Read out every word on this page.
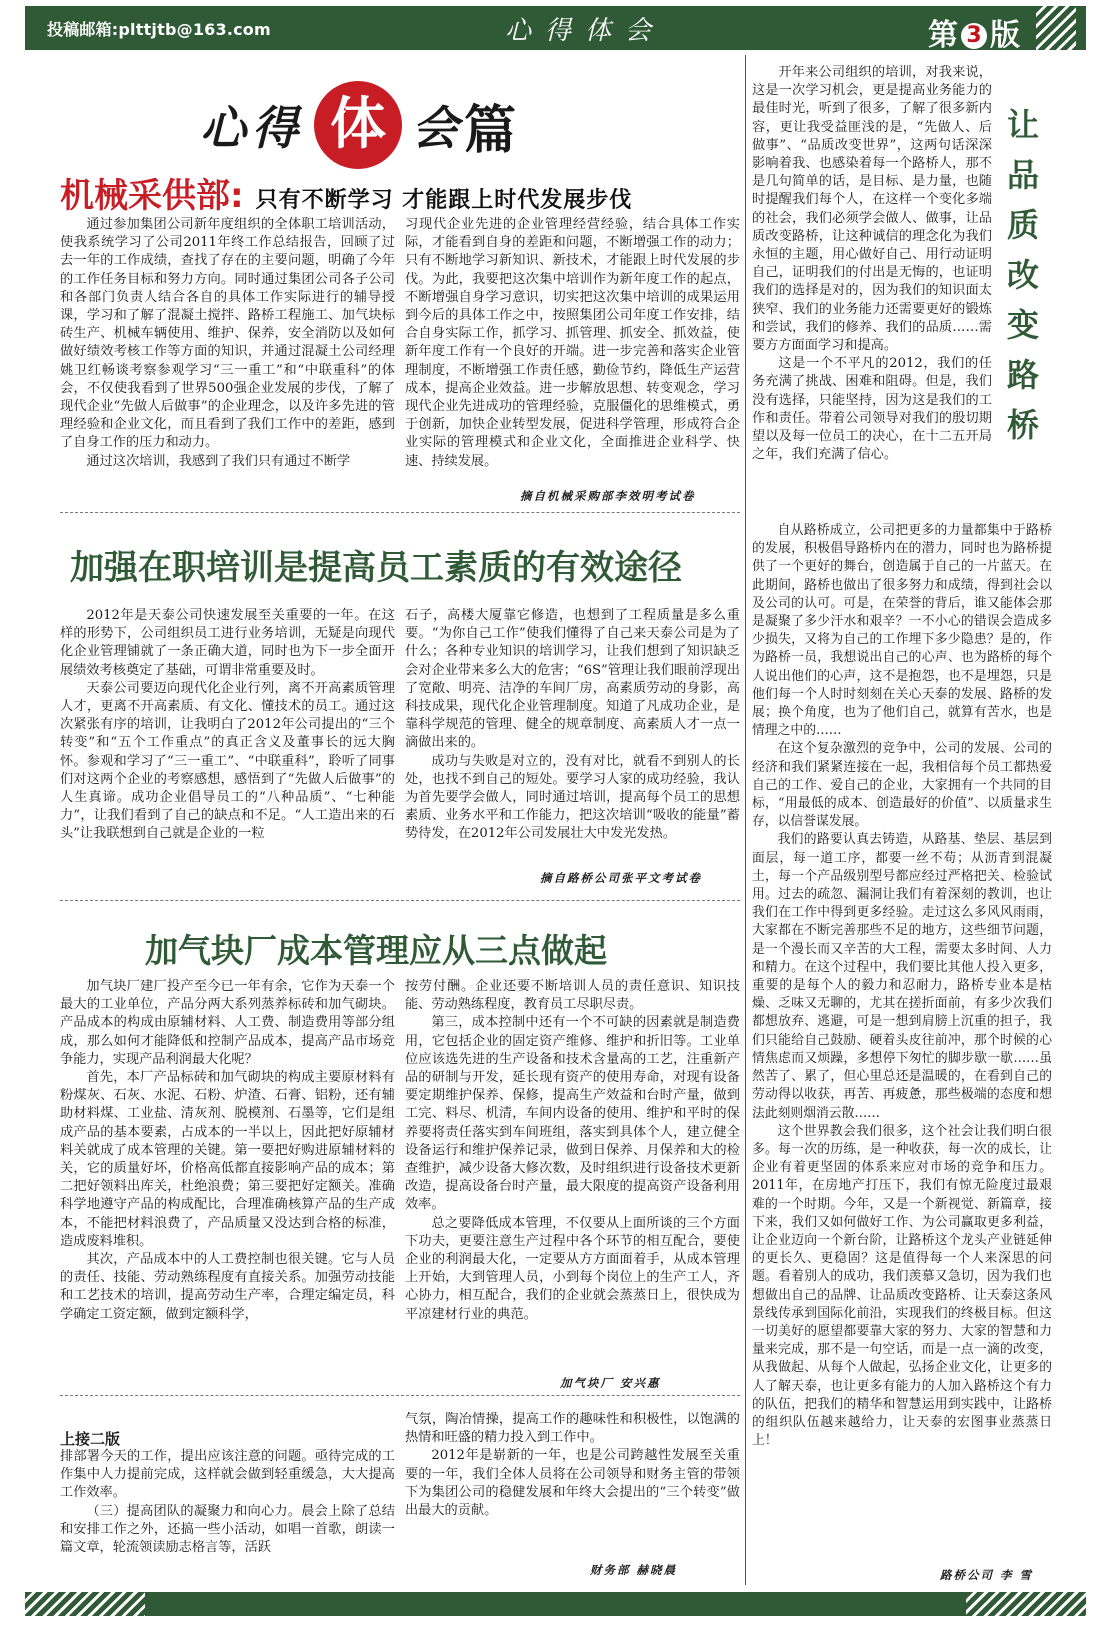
投稿邮箱:plttjtb@163.com	心得体会	第 3 版
心 得 体 会 篇
机械采供部: 只有不断学习 才能跟上时代发展步伐

通过参加集团公司新年度组织的全体职工培训活动，使我系统学习了公司2011年终工作总结报告，回顾了过去一年的工作成绩，查找了存在的主要问题，明确了今年的工作任务目标和努力方向。同时通过集团公司各子公司和各部门负责人结合各自的具体工作实际进行的辅导授课，学习和了解了混凝土搅拌、路桥工程施工、加气块标砖生产、机械车辆使用、维护、保养，安全消防以及如何做好绩效考核工作等方面的知识，并通过混凝土公司经理姚卫红畅谈考察参观学习“三一重工”和“中联重科”的体会，不仅使我看到了世界500强企业发展的步伐，了解了现代企业“先做人后做事”的企业理念，以及许多先进的管理经验和企业文化，而且看到了我们工作中的差距，感到了自身工作的压力和动力。

通过这次培训，我感到了我们只有通过不断学

习现代企业先进的企业管理经营经验，结合具体工作实际，才能看到自身的差距和问题，不断增强工作的动力；只有不断地学习新知识、新技术，才能跟上时代发展的步伐。为此，我要把这次集中培训作为新年度工作的起点，不断增强自身学习意识，切实把这次集中培训的成果运用到今后的具体工作之中，按照集团公司年度工作安排，结合自身实际工作，抓学习、抓管理、抓安全、抓效益，使新年度工作有一个良好的开端。进一步完善和落实企业管理制度，不断增强工作责任感，勤俭节约，降低生产运营成本，提高企业效益。进一步解放思想、转变观念，学习现代企业先进成功的管理经验，克服僵化的思维模式，勇于创新，加快企业转型发展，促进科学管理，形成符合企业实际的管理模式和企业文化，全面推进企业科学、快速、持续发展。

摘自机械采购部李效明考试卷
加强在职培训是提高员工素质的有效途径

2012年是天泰公司快速发展至关重要的一年。在这样的形势下，公司组织员工进行业务培训，无疑是向现代化企业管理铺就了一条正确大道，同时也为下一步全面开展绩效考核奠定了基础，可谓非常重要及时。

天泰公司要迈向现代化企业行列，离不开高素质管理人才，更离不开高素质、有文化、懂技术的员工。通过这次紧张有序的培训，让我明白了2012年公司提出的“三个转变”和“五个工作重点”的真正含义及董事长的远大胸怀。参观和学习了“三一重工”、“中联重科”，聆听了同事们对这两个企业的考察感想，感悟到了“先做人后做事”的人生真谛。成功企业倡导员工的“八种品质”、“七种能力”，让我们看到了自己的缺点和不足。“人工造出来的石头”让我联想到自己就是企业的一粒

石子，高楼大厦靠它修造，也想到了工程质量是多么重要。“为你自己工作”使我们懂得了自己来天泰公司是为了什么；各种专业知识的培训学习，让我们想到了知识缺乏会对企业带来多么大的危害；“6S”管理让我们眼前浮现出了宽敞、明亮、洁净的车间厂房，高素质劳动的身影，高科技成果，现代化企业管理制度。知道了凡成功企业，是靠科学规范的管理、健全的规章制度、高素质人才一点一滴做出来的。

成功与失败是对立的，没有对比，就看不到别人的长处，也找不到自己的短处。要学习人家的成功经验，我认为首先要学会做人，同时通过培训，提高每个员工的思想素质、业务水平和工作能力，把这次培训“吸收的能量”蓄势待发，在2012年公司发展壮大中发光发热。

摘自路桥公司张平文考试卷
加气块厂成本管理应从三点做起

加气块厂建厂投产至今已一年有余，它作为天泰一个最大的工业单位，产品分两大系列蒸养标砖和加气砌块。产品成本的构成由原辅材料、人工费、制造费用等部分组成，那么如何才能降低和控制产品成本，提高产品市场竞争能力，实现产品利润最大化呢？

首先，本厂产品标砖和加气砌块的构成主要原材料有粉煤灰、石灰、水泥、石粉、炉渣、石膏、铝粉，还有辅助材料煤、工业盐、清灰剂、脱模剂、石墨等，它们是组成产品的基本要素，占成本的一半以上，因此把好原辅材料关就成了成本管理的关键。第一要把好购进原辅材料的关，它的质量好坏，价格高低都直接影响产品的成本；第二把好领料出库关，杜绝浪费；第三要把好定额关。准确科学地遵守产品的构成配比，合理准确核算产品的生产成本，不能把材料浪费了，产品质量又没达到合格的标准，造成废料堆积。

其次，产品成本中的人工费控制也很关键。它与人员的责任、技能、劳动熟练程度有直接关系。加强劳动技能和工艺技术的培训，提高劳动生产率，合理定编定员，科学确定工资定额，做到定额科学，

按劳付酬。企业还要不断培训人员的责任意识、知识技能、劳动熟练程度，教育员工尽职尽责。

第三，成本控制中还有一个不可缺的因素就是制造费用，它包括企业的固定资产维修、维护和折旧等。工业单位应该选先进的生产设备和技术含量高的工艺，注重新产品的研制与开发，延长现有资产的使用寿命，对现有设备要定期维护保养、保修，提高生产效益和台时产量，做到工完、料尽、机清，车间内设备的使用、维护和平时的保养要将责任落实到车间班组，落实到具体个人，建立健全设备运行和维护保养记录，做到日保养、月保养和大的检查维护，减少设备大修次数，及时组织进行设备技术更新改造，提高设备台时产量，最大限度的提高资产设备利用效率。

总之要降低成本管理，不仅要从上面所谈的三个方面下功夫，更要注意生产过程中各个环节的相互配合，要使企业的利润最大化，一定要从方方面面着手，从成本管理上开始，大到管理人员，小到每个岗位上的生产工人，齐心协力，相互配合，我们的企业就会蒸蒸日上，很快成为平凉建材行业的典范。

加气块厂 安兴惠
上接二版

排部署今天的工作，提出应该注意的问题。亟待完成的工作集中人力提前完成，这样就会做到轻重缓急，大大提高工作效率。

（三）提高团队的凝聚力和向心力。晨会上除了总结和安排工作之外，还搞一些小活动，如唱一首歌，朗读一篇文章，轮流领读励志格言等，活跃

气氛，陶冶情操，提高工作的趣味性和积极性，以饱满的热情和旺盛的精力投入到工作中。

2012年是崭新的一年，也是公司跨越性发展至关重要的一年，我们全体人员将在公司领导和财务主管的带领下为集团公司的稳健发展和年终大会提出的“三个转变”做出最大的贡献。

财务部 赫晓晨
让
品
质
改
变
路
桥

开年来公司组织的培训，对我来说，这是一次学习机会，更是提高业务能力的最佳时光，听到了很多，了解了很多新内容，更让我受益匪浅的是，“先做人、后做事”、“品质改变世界”，这两句话深深影响着我、也感染着每一个路桥人，那不是几句简单的话，是目标、是力量，也随时提醒我们每个人，在这样一个变化多端的社会，我们必须学会做人、做事，让品质改变路桥，让这种诚信的理念化为我们永恒的主题，用心做好自己、用行动证明自己，证明我们的付出是无悔的，也证明我们的选择是对的，因为我们的知识面太狭窄、我们的业务能力还需要更好的锻炼和尝试，我们的修养、我们的品质……需要方方面面学习和提高。

这是一个不平凡的2012，我们的任务充满了挑战、困难和阻碍。但是，我们没有选择，只能坚持，因为这是我们的工作和责任。带着公司领导对我们的殷切期望以及每一位员工的决心，在十二五开局之年，我们充满了信心。

自从路桥成立，公司把更多的力量都集中于路桥的发展，积极倡导路桥内在的潜力，同时也为路桥提供了一个更好的舞台，创造属于自己的一片蓝天。在此期间，路桥也做出了很多努力和成绩，得到社会以及公司的认可。可是，在荣誉的背后，谁又能体会那是凝聚了多少汗水和艰辛？一不小心的错误会造成多少损失，又将为自己的工作埋下多少隐患？是的，作为路桥一员，我想说出自己的心声、也为路桥的每个人说出他们的心声，这不是抱怨，也不是埋怨，只是他们每一个人时时刻刻在关心天泰的发展、路桥的发展；换个角度，也为了他们自己，就算有苦水，也是情理之中的……

在这个复杂激烈的竞争中，公司的发展、公司的经济和我们紧紧连接在一起，我相信每个员工都热爱自己的工作、爱自己的企业，大家拥有一个共同的目标，“用最低的成本、创造最好的价值”、以质量求生存，以信誉谋发展。

我们的路要认真去铸造，从路基、垫层、基层到面层，每一道工序，都要一丝不苟；从沥青到混凝土，每一个产品级别型号都应经过严格把关、检验试用。过去的疏忽、漏洞让我们有着深刻的教训，也让我们在工作中得到更多经验。走过这么多风风雨雨，大家都在不断完善那些不足的地方，这些细节问题，是一个漫长而又辛苦的大工程，需要太多时间、人力和精力。在这个过程中，我们要比其他人投入更多，重要的是每个人的毅力和忍耐力，路桥专业本是枯燥、乏味又无聊的，尤其在搓折面前，有多少次我们都想放弃、逃避，可是一想到肩膀上沉重的担子，我们只能给自己鼓励、硬着头皮往前冲，那个时候的心情焦虑而又烦躁，多想停下匆忙的脚步歇一歇……虽然苦了、累了，但心里总还是温暖的，在看到自己的劳动得以收获，再苦、再疲惫，那些极端的态度和想法此刻则烟消云散……

这个世界教会我们很多，这个社会让我们明白很多。每一次的历练，是一种收获，每一次的成长，让企业有着更坚固的体系来应对市场的竞争和压力。2011年，在房地产打压下，我们有惊无险度过最艰难的一个时期。今年，又是一个新视觉、新篇章，接下来，我们又如何做好工作、为公司赢取更多利益，让企业迈向一个新台阶，让路桥这个龙头产业链延伸的更长久、更稳固？这是值得每一个人来深思的问题。看着别人的成功，我们羡慕又急切，因为我们也想做出自己的品牌、让品质改变路桥、让天泰这条风景线传承到国际化前沿，实现我们的终极目标。但这一切美好的愿望都要靠大家的努力、大家的智慧和力量来完成，那不是一句空话，而是一点一滴的改变，从我做起、从每个人做起，弘扬企业文化，让更多的人了解天泰，也让更多有能力的人加入路桥这个有力的队伍，把我们的精华和智慧运用到实践中，让路桥的组织队伍越来越给力，让天泰的宏图事业蒸蒸日上！

路桥公司 李 雪
